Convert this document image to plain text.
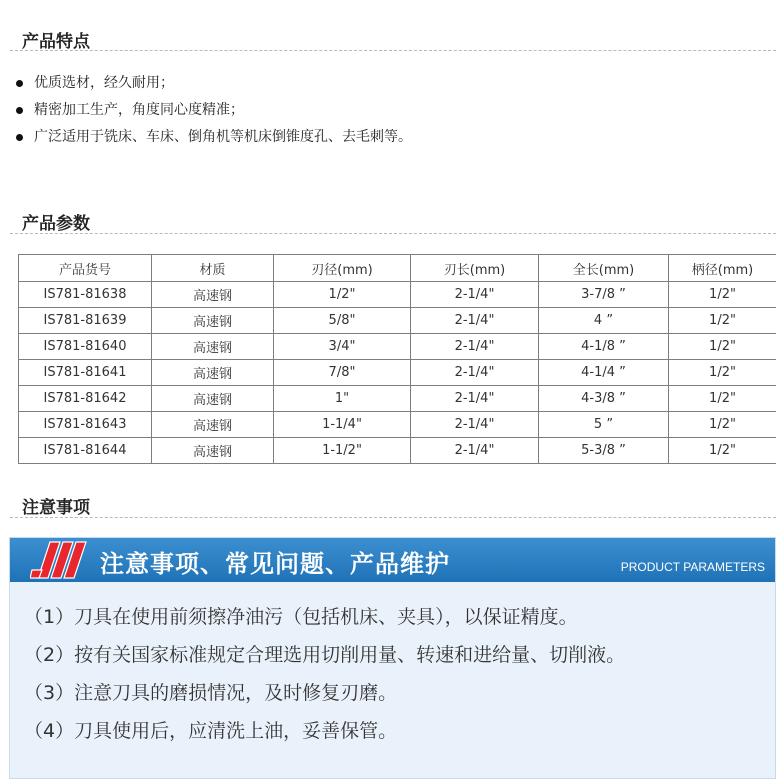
产品特点
优质选材，经久耐用；
精密加工生产，角度同心度精准；
广泛适用于铣床、车床、倒角机等机床倒锥度孔、去毛刺等。
产品参数
产品货号	材质	刃径(mm)	刃长(mm)	全长(mm)	柄径(mm)
IS781-81638	高速钢	1/2"	2-1/4"	3-7/8 ”	1/2"
IS781-81639	高速钢	5/8"	2-1/4"	4 ”	1/2"
IS781-81640	高速钢	3/4"	2-1/4"	4-1/8 ”	1/2"
IS781-81641	高速钢	7/8"	2-1/4"	4-1/4 ”	1/2"
IS781-81642	高速钢	1"	2-1/4"	4-3/8 ”	1/2"
IS781-81643	高速钢	1-1/4"	2-1/4"	5 ”	1/2"
IS781-81644	高速钢	1-1/2"	2-1/4"	5-3/8 ”	1/2"
注意事项
注意事项、常见问题、产品维护	PRODUCT PARAMETERS
（1）刀具在使用前须擦净油污（包括机床、夹具），以保证精度。
（2）按有关国家标准规定合理选用切削用量、转速和进给量、切削液。
（3）注意刀具的磨损情况，及时修复刃磨。
（4）刀具使用后，应清洗上油，妥善保管。
